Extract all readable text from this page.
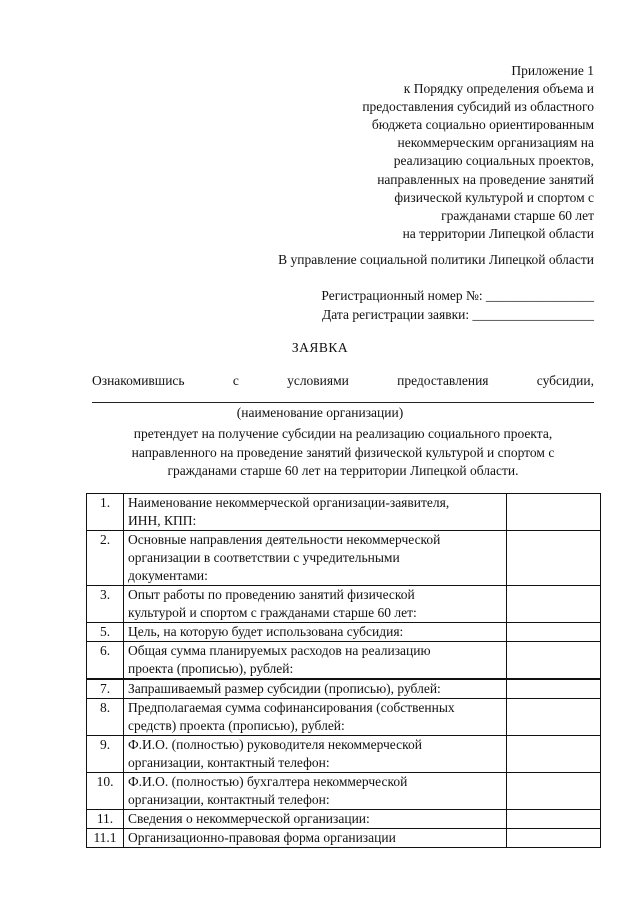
Приложение 1
к Порядку определения объема и
предоставления субсидий из областного
бюджета социально ориентированным
некоммерческим организациям на
реализацию социальных проектов,
направленных на проведение занятий
физической культурой и спортом с
гражданами старше 60 лет
на территории Липецкой области
В управление социальной политики Липецкой области
Регистрационный номер №: ________________
Дата регистрации заявки: __________________
ЗАЯВКА
Ознакомившись	с	условиями	предоставления	субсидии,
(наименование организации)
претендует на получение субсидии на реализацию социального проекта,
направленного на проведение занятий физической культурой и спортом с
гражданами старше 60 лет на территории Липецкой области.
1.	Наименование некоммерческой организации-заявителя,
ИНН, КПП:	

2.	Основные направления деятельности некоммерческой
организации в соответствии с учредительными
документами:	

3.	Опыт работы по проведению занятий физической
культурой и спортом с гражданами старше 60 лет:	

5.	Цель, на которую будет использована субсидия:	

6.	Общая сумма планируемых расходов на реализацию
проекта (прописью), рублей:	

7.	Запрашиваемый размер субсидии (прописью), рублей:	

8.	Предполагаемая сумма софинансирования (собственных
средств) проекта (прописью), рублей:	

9.	Ф.И.О. (полностью) руководителя некоммерческой
организации, контактный телефон:	

10.	Ф.И.О. (полностью) бухгалтера некоммерческой
организации, контактный телефон:	

11.	Сведения о некоммерческой организации:	

11.1	Организационно-правовая форма организации	
